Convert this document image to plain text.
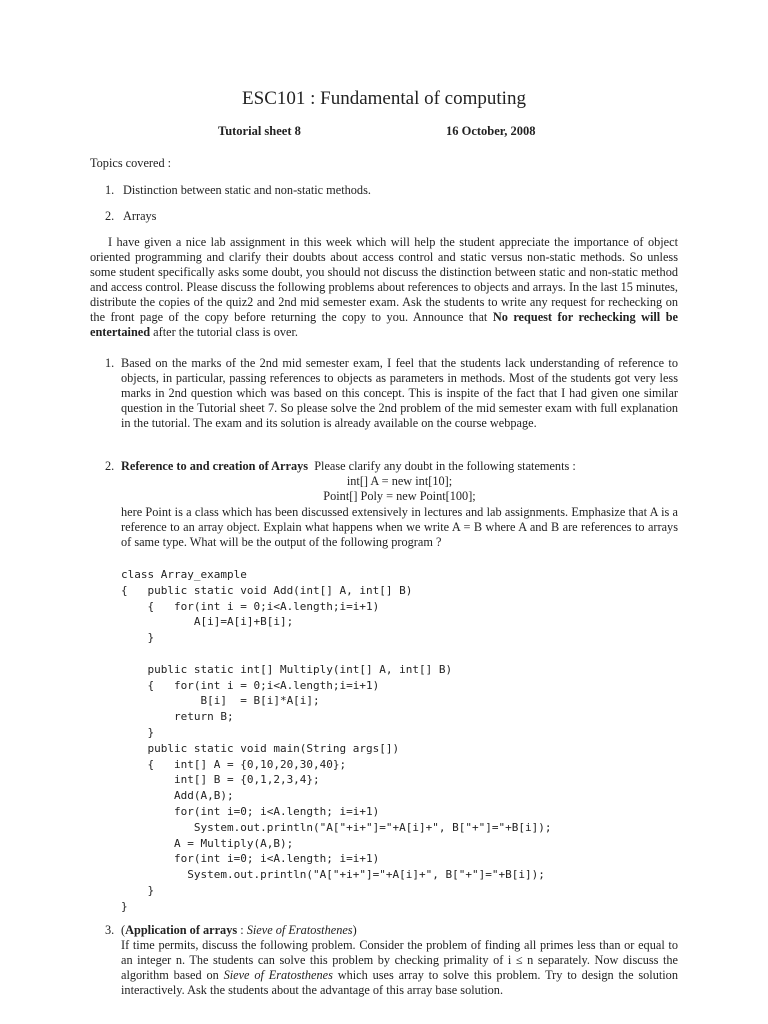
ESC101 : Fundamental of computing
Tutorial sheet 8	16 October, 2008
Topics covered :
1. Distinction between static and non-static methods.
2. Arrays
I have given a nice lab assignment in this week which will help the student appreciate the importance of object oriented programming and clarify their doubts about access control and static versus non-static methods. So unless some student specifically asks some doubt, you should not discuss the distinction between static and non-static method and access control. Please discuss the following problems about references to objects and arrays. In the last 15 minutes, distribute the copies of the quiz2 and 2nd mid semester exam. Ask the students to write any request for rechecking on the front page of the copy before returning the copy to you. Announce that No request for rechecking will be entertained after the tutorial class is over.
1. Based on the marks of the 2nd mid semester exam, I feel that the students lack understanding of reference to objects, in particular, passing references to objects as parameters in methods. Most of the students got very less marks in 2nd question which was based on this concept. This is inspite of the fact that I had given one similar question in the Tutorial sheet 7. So please solve the 2nd problem of the mid semester exam with full explanation in the tutorial. The exam and its solution is already available on the course webpage.
2. Reference to and creation of Arrays Please clarify any doubt in the following statements :
int[] A = new int[10];
Point[] Poly = new Point[100];
here Point is a class which has been discussed extensively in lectures and lab assignments. Emphasize that A is a reference to an array object. Explain what happens when we write A = B where A and B are references to arrays of same type. What will be the output of the following program ?
class Array_example
{   public static void Add(int[] A, int[] B)
{   for(int i = 0;i<A.length;i=i+1)
A[i]=A[i]+B[i];
}

public static int[] Multiply(int[] A, int[] B)
{   for(int i = 0;i<A.length;i=i+1)
B[i]  = B[i]*A[i];
return B;
}
public static void main(String args[])
{   int[] A = {0,10,20,30,40};
int[] B = {0,1,2,3,4};
Add(A,B);
for(int i=0; i<A.length; i=i+1)
System.out.println("A["+i+"]="+A[i]+", B["+"]="+B[i]);
A = Multiply(A,B);
for(int i=0; i<A.length; i=i+1)
System.out.println("A["+i+"]="+A[i]+", B["+"]="+B[i]);
}
}
3. (Application of arrays : Sieve of Eratosthenes)
If time permits, discuss the following problem. Consider the problem of finding all primes less than or equal to an integer n. The students can solve this problem by checking primality of i ≤ n separately. Now discuss the algorithm based on Sieve of Eratosthenes which uses array to solve this problem. Try to design the solution interactively. Ask the students about the advantage of this array base solution.
